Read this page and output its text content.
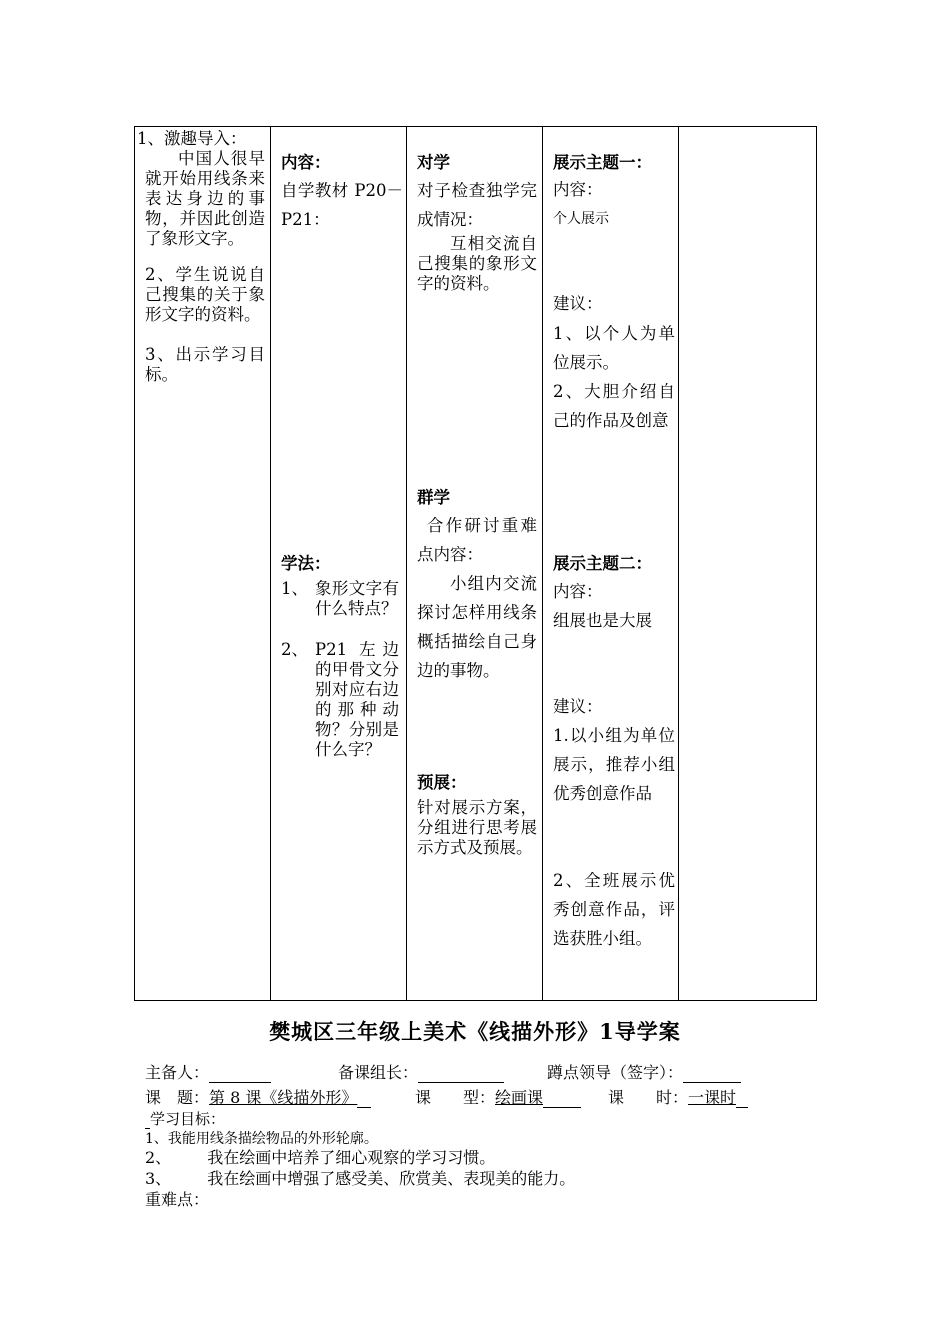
1、激趣导入：
中国人很早就开始用线条来表达身边的事物，并因此创造了象形文字。
2、学生说说自己搜集的关于象形文字的资料。
3、出示学习目标。

内容：
自学教材 P20－P21：
学法：
1、 象形文字有什么特点？
2、 P21 左边的甲骨文分别对应右边的那种动物？分别是什么字？

对学
对子检查独学完成情况：
互相交流自己搜集的象形文字的资料。
群学
合作研讨重难点内容：
小组内交流探讨怎样用线条概括描绘自己身边的事物。
预展：
针对展示方案，分组进行思考展示方式及预展。

展示主题一：
内容：
个人展示
建议：
1、以个人为单位展示。
2、大胆介绍自己的作品及创意
展示主题二：
内容：
组展也是大展
建议：
1.以小组为单位展示，推荐小组优秀创意作品
2、全班展示优秀创意作品，评选获胜小组。

樊城区三年级上美术《线描外形》1导学案
主备人：	备课组长：	蹲点领导（签字）：
课　题：第 8 课《线描外形》	课　　型：绘画课	课　　时：一课时
学习目标：
1、我能用线条描绘物品的外形轮廓。
2、 我在绘画中培养了细心观察的学习习惯。
3、 我在绘画中增强了感受美、欣赏美、表现美的能力。
重难点：
